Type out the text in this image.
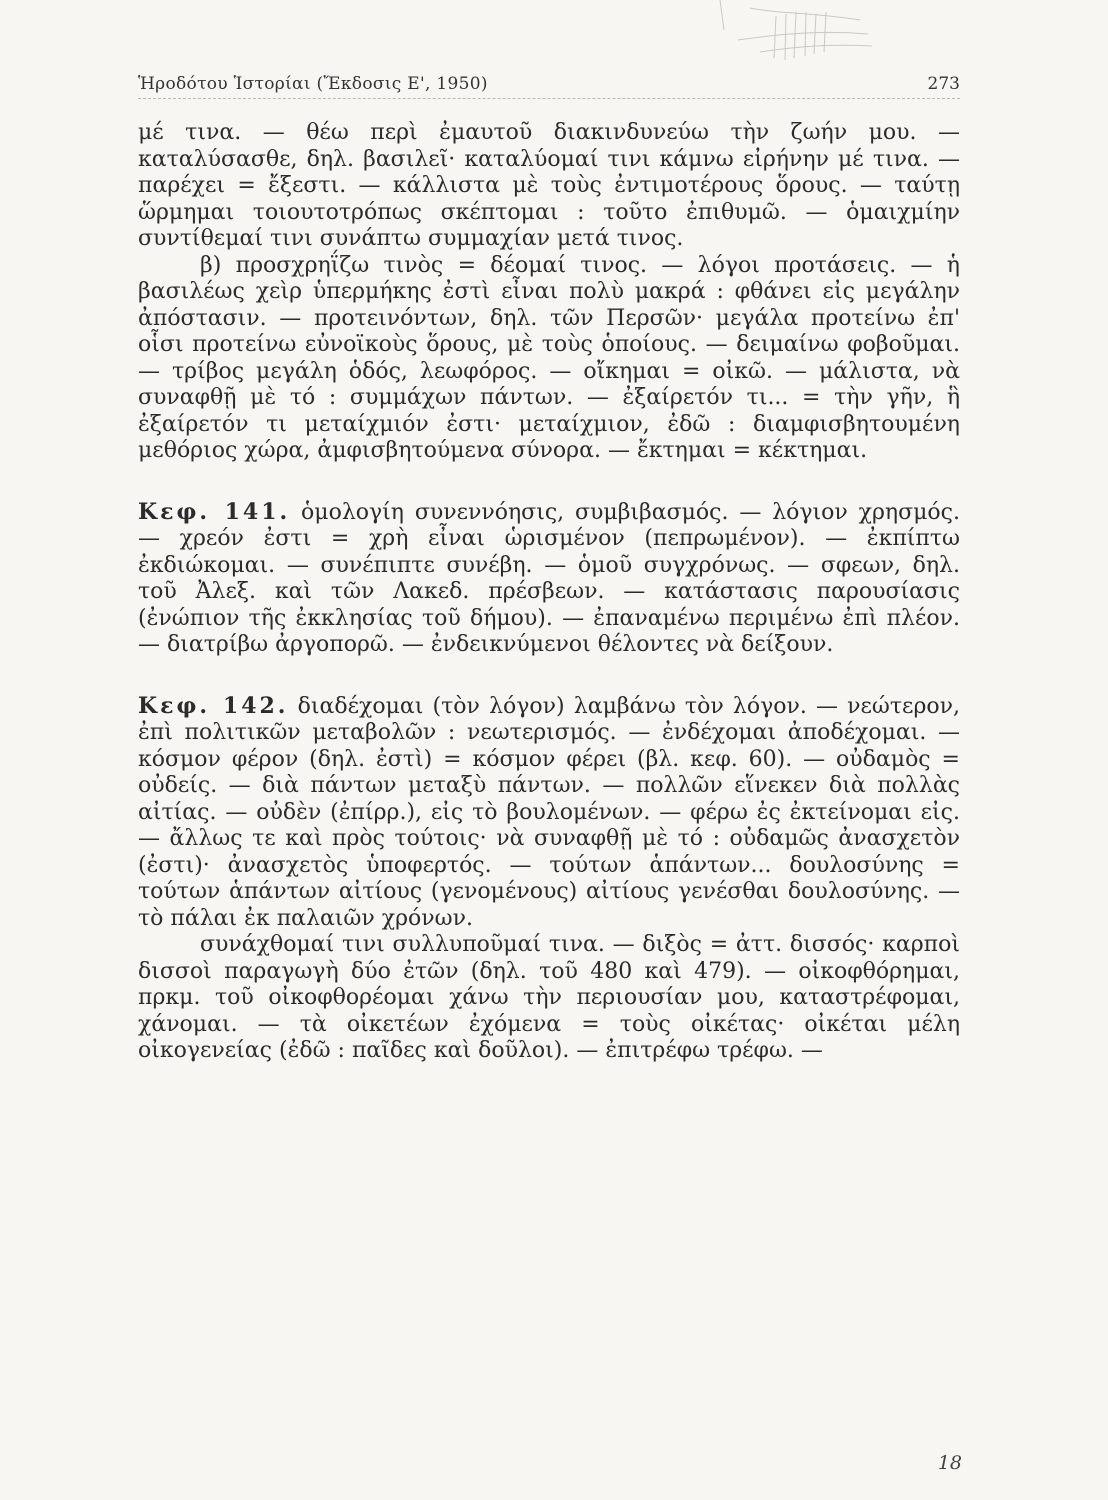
Ἡροδότου Ἱστορίαι (Ἔκδοσις Ε', 1950)	273

μέ τινα. — θέω περὶ ἐμαυτοῦ διακινδυνεύω τὴν ζωήν μου. — καταλύσασθε, δηλ. βασιλεῖ· καταλύομαί τινι κάμνω εἰρήνην μέ τινα. — παρέχει = ἔξεστι. — κάλλιστα μὲ τοὺς ἐντιμοτέρους ὅρους. — ταύτῃ ὥρμημαι τοιουτοτρόπως σκέπτομαι : τοῦτο ἐπιθυμῶ. — ὁμαιχμίην συντίθεμαί τινι συνάπτω συμμαχίαν μετά τινος.

β) προσχρηΐζω τινὸς = δέομαί τινος. — λόγοι προτάσεις. — ἡ βασιλέως χεὶρ ὑπερμήκης ἐστὶ εἶναι πολὺ μακρά : φθάνει εἰς μεγάλην ἀπόστασιν. — προτεινόντων, δηλ. τῶν Περσῶν· μεγάλα προτείνω ἐπ' οἷσι προτείνω εὐνοϊκοὺς ὅρους, μὲ τοὺς ὁποίους. — δειμαίνω φοβοῦμαι. — τρίβος μεγάλη ὁδός, λεωφόρος. — οἴκημαι = οἰκῶ. — μάλιστα, νὰ συναφθῇ μὲ τό : συμμάχων πάντων. — ἐξαίρετόν τι... = τὴν γῆν, ἣ ἐξαίρετόν τι μεταίχμιόν ἐστι· μεταίχμιον, ἐδῶ : διαμφισβητουμένη μεθόριος χώρα, ἀμφισβητούμενα σύνορα. — ἔκτημαι = κέκτημαι.

Κεφ. 141. ὁμολογίη συνεννόησις, συμβιβασμός. — λόγιον χρησμός. — χρεόν ἐστι = χρὴ εἶναι ὡρισμένον (πεπρωμένον). — ἐκπίπτω ἐκδιώκομαι. — συνέπιπτε συνέβη. — ὁμοῦ συγχρόνως. — σφεων, δηλ. τοῦ Ἀλεξ. καὶ τῶν Λακεδ. πρέσβεων. — κατάστασις παρουσίασις (ἐνώπιον τῆς ἐκκλησίας τοῦ δήμου). — ἐπαναμένω περιμένω ἐπὶ πλέον. — διατρίβω ἀργοπορῶ. — ἐνδεικνύμενοι θέλοντες νὰ δείξουν.

Κεφ. 142. διαδέχομαι (τὸν λόγον) λαμβάνω τὸν λόγον. — νεώτερον, ἐπὶ πολιτικῶν μεταβολῶν : νεωτερισμός. — ἐνδέχομαι ἀποδέχομαι. — κόσμον φέρον (δηλ. ἐστὶ) = κόσμον φέρει (βλ. κεφ. 60). — οὐδαμὸς = οὐδείς. — διὰ πάντων μεταξὺ πάντων. — πολλῶν εἵνεκεν διὰ πολλὰς αἰτίας. — οὐδὲν (ἐπίρρ.), εἰς τὸ βουλομένων. — φέρω ἐς ἐκτείνομαι εἰς. — ἄλλως τε καὶ πρὸς τούτοις· νὰ συναφθῇ μὲ τό : οὐδαμῶς ἀνασχετὸν (ἐστι)· ἀνασχετὸς ὑποφερτός. — τούτων ἁπάντων... δουλοσύνης = τούτων ἁπάντων αἰτίους (γενομένους) αἰτίους γενέσθαι δουλοσύνης. — τὸ πάλαι ἐκ παλαιῶν χρόνων.

συνάχθομαί τινι συλλυποῦμαί τινα. — διξὸς = ἀττ. δισσός· καρποὶ δισσοὶ παραγωγὴ δύο ἐτῶν (δηλ. τοῦ 480 καὶ 479). — οἰκοφθόρημαι, πρκμ. τοῦ οἰκοφθορέομαι χάνω τὴν περιουσίαν μου, καταστρέφομαι, χάνομαι. — τὰ οἰκετέων ἐχόμενα = τοὺς οἰκέτας· οἰκέται μέλη οἰκογενείας (ἐδῶ : παῖδες καὶ δοῦλοι). — ἐπιτρέφω τρέφω. —

18
